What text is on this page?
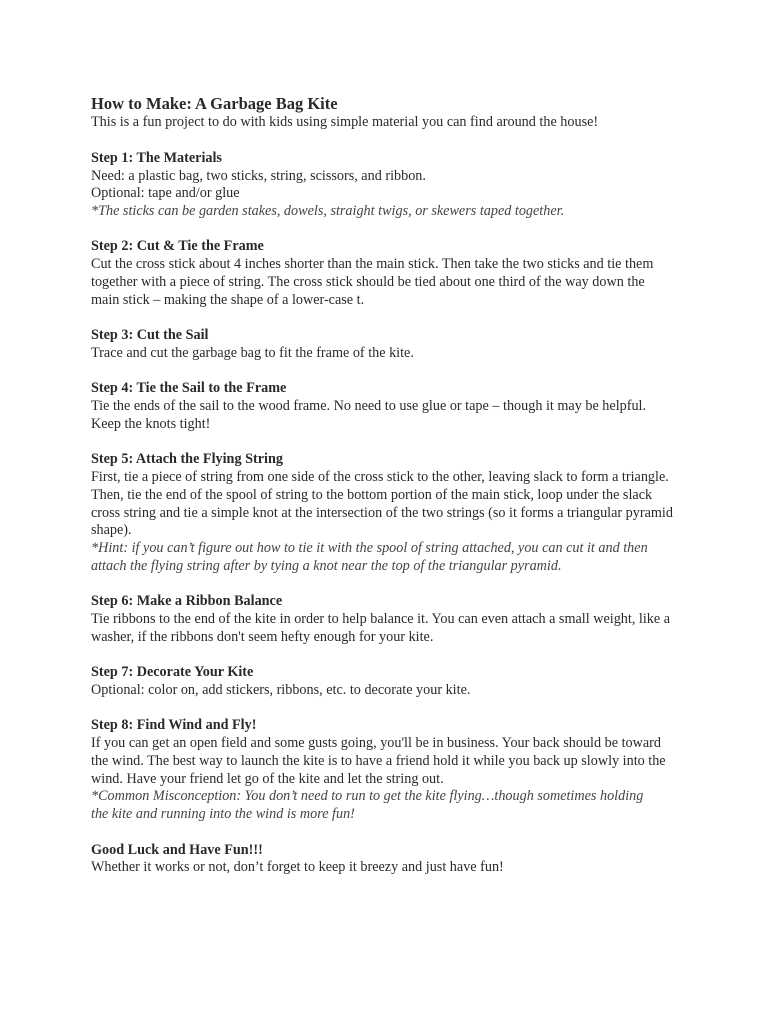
How to Make: A Garbage Bag Kite

This is a fun project to do with kids using simple material you can find around the house!

Step 1: The Materials

Need: a plastic bag, two sticks, string, scissors, and ribbon.

Optional: tape and/or glue

*The sticks can be garden stakes, dowels, straight twigs, or skewers taped together.

Step 2: Cut & Tie the Frame

Cut the cross stick about 4 inches shorter than the main stick. Then take the two sticks and tie them together with a piece of string. The cross stick should be tied about one third of the way down the main stick – making the shape of a lower-case t.

Step 3: Cut the Sail

Trace and cut the garbage bag to fit the frame of the kite.

Step 4: Tie the Sail to the Frame

Tie the ends of the sail to the wood frame. No need to use glue or tape – though it may be helpful. Keep the knots tight!

Step 5: Attach the Flying String

First, tie a piece of string from one side of the cross stick to the other, leaving slack to form a triangle. Then, tie the end of the spool of string to the bottom portion of the main stick, loop under the slack cross string and tie a simple knot at the intersection of the two strings (so it forms a triangular pyramid shape).

*Hint: if you can’t figure out how to tie it with the spool of string attached, you can cut it and then attach the flying string after by tying a knot near the top of the triangular pyramid.

Step 6: Make a Ribbon Balance

Tie ribbons to the end of the kite in order to help balance it. You can even attach a small weight, like a washer, if the ribbons don't seem hefty enough for your kite.

Step 7: Decorate Your Kite

Optional: color on, add stickers, ribbons, etc. to decorate your kite.

Step 8: Find Wind and Fly!

If you can get an open field and some gusts going, you'll be in business. Your back should be toward the wind. The best way to launch the kite is to have a friend hold it while you back up slowly into the wind. Have your friend let go of the kite and let the string out.

*Common Misconception: You don’t need to run to get the kite flying…though sometimes holding the kite and running into the wind is more fun!

Good Luck and Have Fun!!!

Whether it works or not, don’t forget to keep it breezy and just have fun!
